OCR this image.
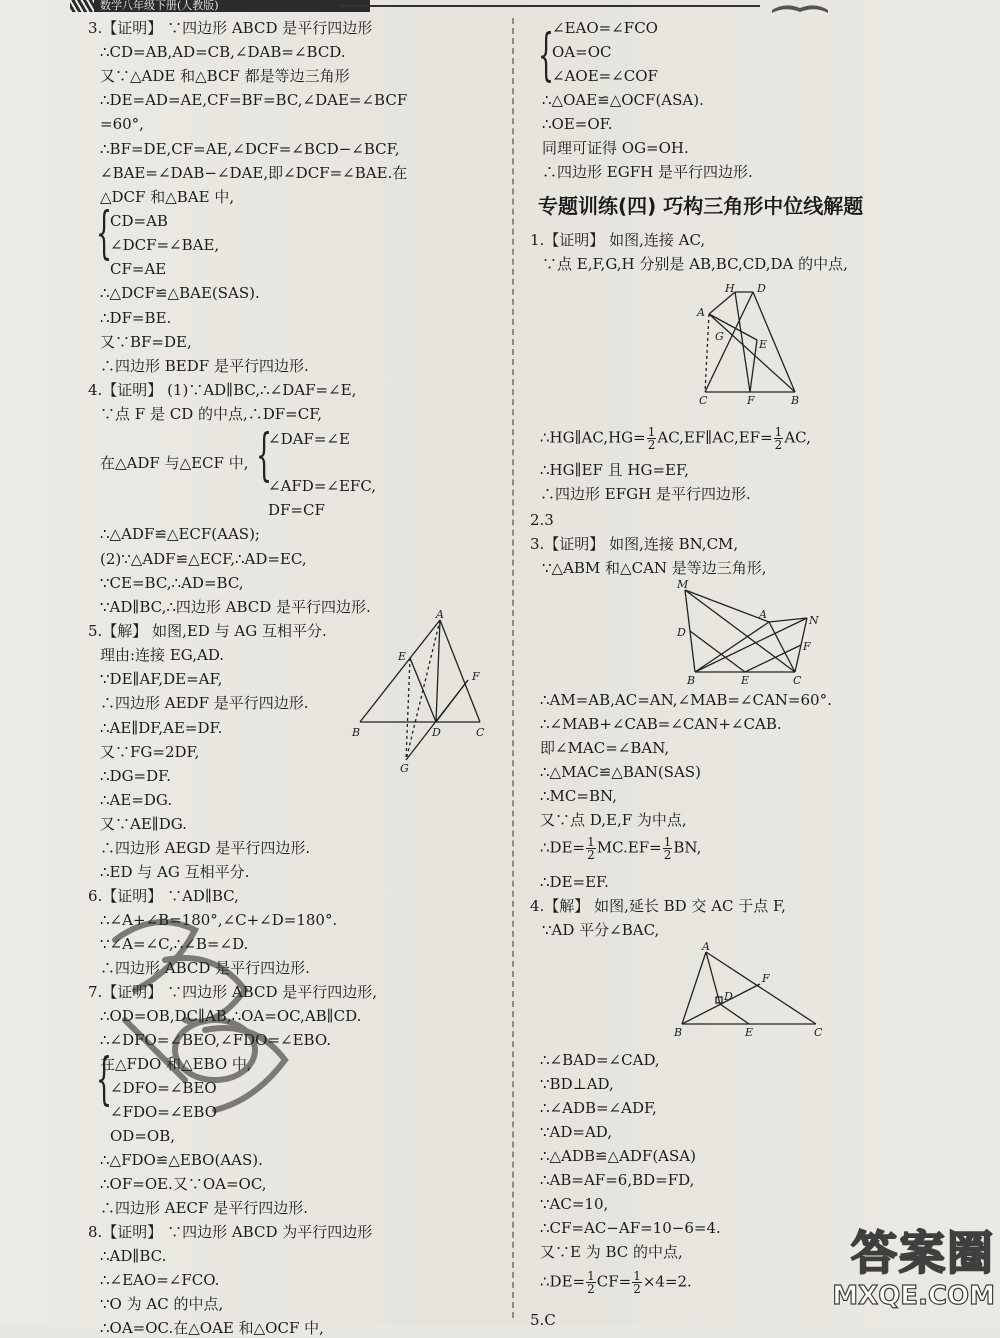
数学八年级下册(人教版)
3.【证明】 ∵四边形 ABCD 是平行四边形
∴CD=AB,AD=CB,∠DAB=∠BCD.
又∵△ADE 和△BCF 都是等边三角形
∴DE=AD=AE,CF=BF=BC,∠DAE=∠BCF
=60°,
∴BF=DE,CF=AE,∠DCF=∠BCD−∠BCF,
∠BAE=∠DAB−∠DAE,即∠DCF=∠BAE.在
△DCF 和△BAE 中,
CD=AB
∠DCF=∠BAE,
CF=AE
∴△DCF≌△BAE(SAS).
∴DF=BE.
又∵BF=DE,
∴四边形 BEDF 是平行四边形.
4.【证明】 (1)∵AD∥BC,∴∠DAF=∠E,
∵点 F 是 CD 的中点,∴DF=CF,
∠DAF=∠E
在△ADF 与△ECF 中,
∠AFD=∠EFC,
DF=CF
∴△ADF≌△ECF(AAS);
(2)∵△ADF≌△ECF,∴AD=EC,
∵CE=BC,∴AD=BC,
∵AD∥BC,∴四边形 ABCD 是平行四边形.
5.【解】 如图,ED 与 AG 互相平分.
理由:连接 EG,AD.
∵DE∥AF,DE=AF,
∴四边形 AEDF 是平行四边形.
∴AE∥DF,AE=DF.
又∵FG=2DF,
∴DG=DF.
∴AE=DG.
又∵AE∥DG.
∴四边形 AEGD 是平行四边形.
∴ED 与 AG 互相平分.
6.【证明】 ∵AD∥BC,
∴∠A+∠B=180°,∠C+∠D=180°.
∵∠A=∠C,∴∠B=∠D.
∴四边形 ABCD 是平行四边形.
7.【证明】 ∵四边形 ABCD 是平行四边形,
∴OD=OB,DC∥AB,∴OA=OC,AB∥CD.
∴∠DFO=∠BEO,∠FDO=∠EBO.
在△FDO 和△EBO 中,
∠DFO=∠BEO
∠FDO=∠EBO
OD=OB,
∴△FDO≌△EBO(AAS).
∴OF=OE.又∵OA=OC,
∴四边形 AECF 是平行四边形.
8.【证明】 ∵四边形 ABCD 为平行四边形
∴AD∥BC.
∴∠EAO=∠FCO.
∵O 为 AC 的中点,
∴OA=OC.在△OAE 和△OCF 中,
{
{
{
A
E
F
B	D	C
G
∠EAO=∠FCO
OA=OC
∠AOE=∠COF
∴△OAE≌△OCF(ASA).
∴OE=OF.
同理可证得 OG=OH.
∴四边形 EGFH 是平行四边形.
{
专题训练(四) 巧构三角形中位线解题
1.【证明】 如图,连接 AC,
∵点 E,F,G,H 分别是 AB,BC,CD,DA 的中点,
∴HG∥AC,HG= $\frac{1}{2}$ AC,EF∥AC,EF= $\frac{1}{2}$ AC,
∴HG∥EF 且 HG=EF,
∴四边形 EFGH 是平行四边形.
2.3
3.【证明】 如图,连接 BN,CM,
∵△ABM 和△CAN 是等边三角形,
∴AM=AB,AC=AN,∠MAB=∠CAN=60°.
∴∠MAB+∠CAB=∠CAN+∠CAB.
即∠MAC=∠BAN,
∴△MAC≌△BAN(SAS)
∴MC=BN,
又∵点 D,E,F 为中点,
∴DE= $\frac{1}{2} MC.EF= \frac{1}{2}$ BN,
∴DE=EF.
4.【解】 如图,延长 BD 交 AC 于点 F,
∵AD 平分∠BAC,
∴∠BAD=∠CAD,
∵BD⊥AD,
∴∠ADB=∠ADF,
∵AD=AD,
∴△ADB≌△ADF(ASA)
∴AB=AF=6,BD=FD,
∵AC=10,
∴CF=AC−AF=10−6=4.
又∵E 为 BC 的中点,
∴DE= $\frac{1}{2} CF= \frac{1}{2} \times 4=2$.
5.C
H D
A
G
E
C	F	B
M
A	N
D
F
B	E	C
A
F
D
B	E	C
答案圈
MXQE.COM
